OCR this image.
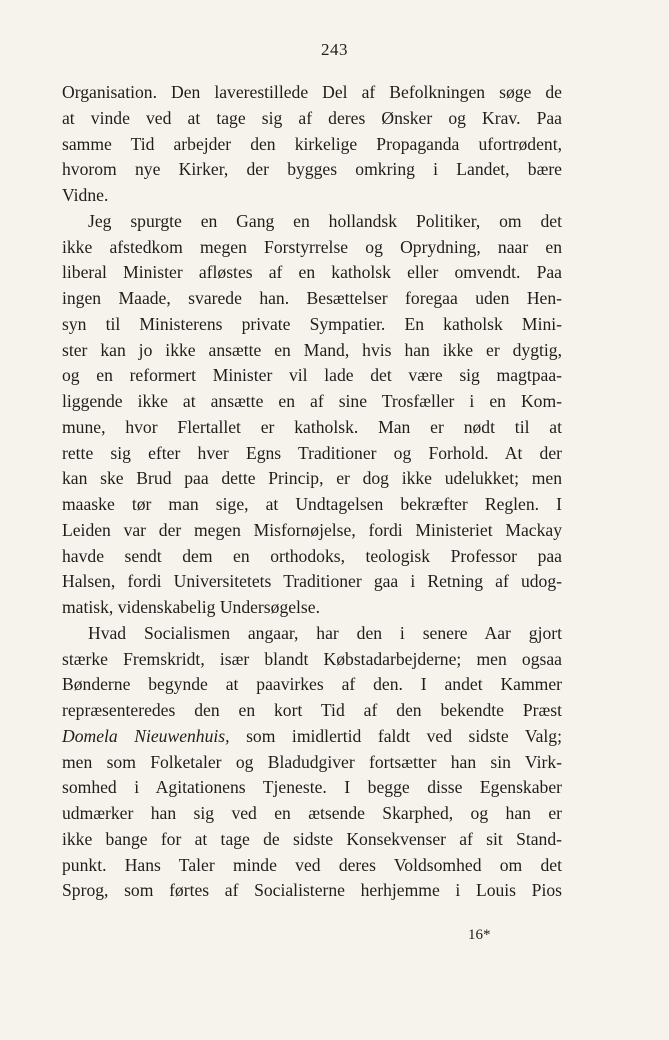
243
Organisation. Den laverestillede Del af Befolkningen søge de
at vinde ved at tage sig af deres Ønsker og Krav. Paa
samme Tid arbejder den kirkelige Propaganda ufortrødent,
hvorom nye Kirker, der bygges omkring i Landet, bære
Vidne.
Jeg spurgte en Gang en hollandsk Politiker, om det
ikke afstedkom megen Forstyrrelse og Oprydning, naar en
liberal Minister afløstes af en katholsk eller omvendt. Paa
ingen Maade, svarede han. Besættelser foregaa uden Hen-
syn til Ministerens private Sympatier. En katholsk Mini-
ster kan jo ikke ansætte en Mand, hvis han ikke er dygtig,
og en reformert Minister vil lade det være sig magtpaa-
liggende ikke at ansætte en af sine Trosfæller i en Kom-
mune, hvor Flertallet er katholsk. Man er nødt til at
rette sig efter hver Egns Traditioner og Forhold. At der
kan ske Brud paa dette Princip, er dog ikke udelukket; men
maaske tør man sige, at Undtagelsen bekræfter Reglen. I
Leiden var der megen Misfornøjelse, fordi Ministeriet Mackay
havde sendt dem en orthodoks, teologisk Professor paa
Halsen, fordi Universitetets Traditioner gaa i Retning af udog-
matisk, videnskabelig Undersøgelse.
Hvad Socialismen angaar, har den i senere Aar gjort
stærke Fremskridt, især blandt Købstadarbejderne; men ogsaa
Bønderne begynde at paavirkes af den. I andet Kammer
repræsenteredes den en kort Tid af den bekendte Præst
Domela Nieuwenhuis, som imidlertid faldt ved sidste Valg;
men som Folketaler og Bladudgiver fortsætter han sin Virk-
somhed i Agitationens Tjeneste. I begge disse Egenskaber
udmærker han sig ved en ætsende Skarphed, og han er
ikke bange for at tage de sidste Konsekvenser af sit Stand-
punkt. Hans Taler minde ved deres Voldsomhed om det
Sprog, som førtes af Socialisterne herhjemme i Louis Pios
16*
